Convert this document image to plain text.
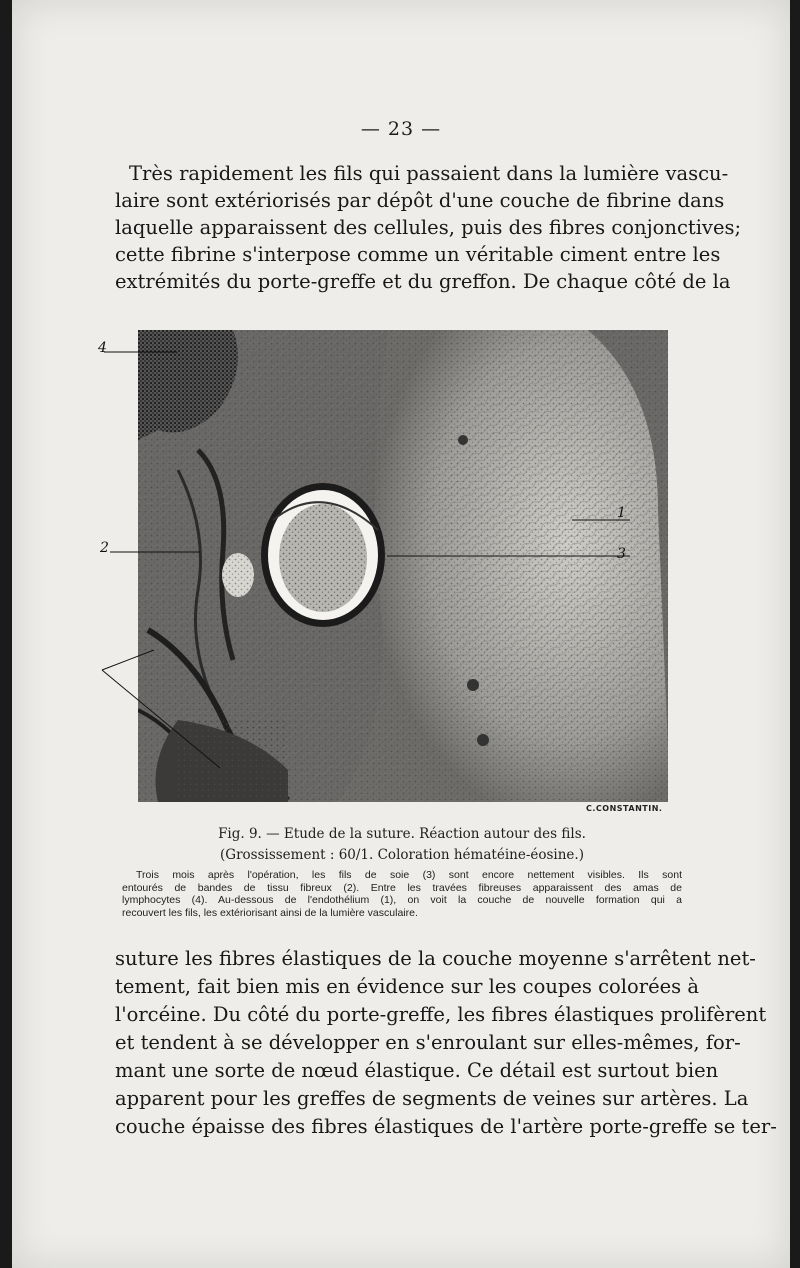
— 23 —
Très rapidement les fils qui passaient dans la lumière vascu-
laire sont extériorisés par dépôt d'une couche de fibrine dans
laquelle apparaissent des cellules, puis des fibres conjonctives;
cette fibrine s'interpose comme un véritable ciment entre les
extrémités du porte-greffe et du greffon. De chaque côté de la
4
2
1
3
C.CONSTANTIN.
Fig. 9. — Etude de la suture. Réaction autour des fils.
(Grossissement : 60/1. Coloration hématéine-éosine.)
Trois mois après l'opération, les fils de soie (3) sont encore nettement visibles. Ils sont
entourés de bandes de tissu fibreux (2). Entre les travées fibreuses apparaissent des amas de
lymphocytes (4). Au-dessous de l'endothélium (1), on voit la couche de nouvelle formation qui a
recouvert les fils, les extériorisant ainsi de la lumière vasculaire.
suture les fibres élastiques de la couche moyenne s'arrêtent net-
tement, fait bien mis en évidence sur les coupes colorées à
l'orcéine. Du côté du porte-greffe, les fibres élastiques prolifèrent
et tendent à se développer en s'enroulant sur elles-mêmes, for-
mant une sorte de nœud élastique. Ce détail est surtout bien
apparent pour les greffes de segments de veines sur artères. La
couche épaisse des fibres élastiques de l'artère porte-greffe se ter-
